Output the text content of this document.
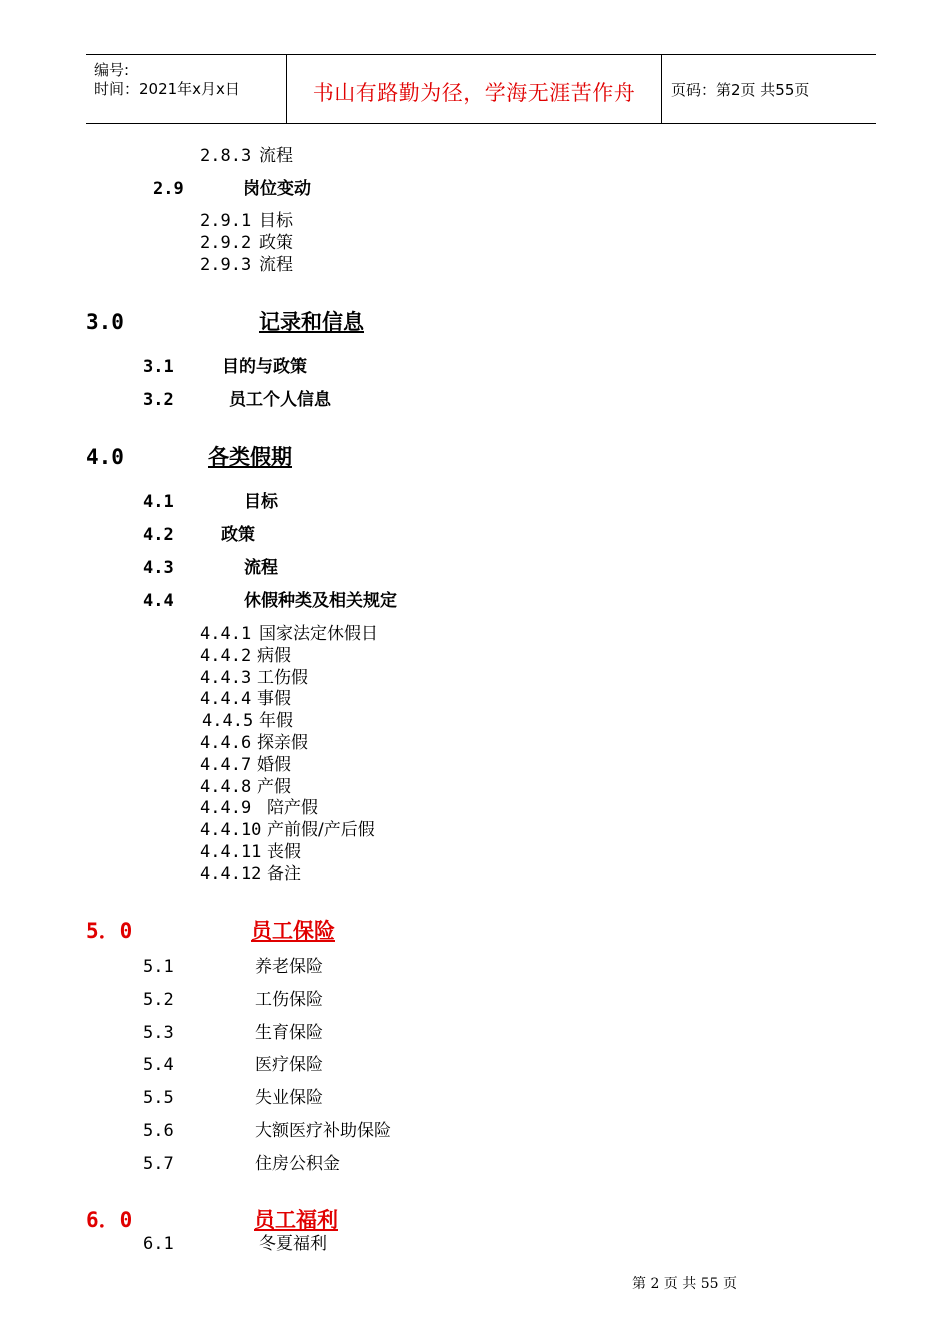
编号:
时间：2021年x月x日	书山有路勤为径，学海无涯苦作舟	页码：第2页 共55页
2.8.3 流程
2.9	岗位变动
2.9.1 目标
2.9.2 政策
2.9.3 流程
3.0	记录和信息
3.1	目的与政策
3.2	员工个人信息
4.0	各类假期
4.1	目标
4.2	政策
4.3	流程
4.4	休假种类及相关规定
4.4.1 国家法定休假日
4.4.2 病假
4.4.3 工伤假
4.4.4 事假
4.4.5 年假
4.4.6 探亲假
4.4.7 婚假
4.4.8 产假
4.4.9 陪产假
4.4.10 产前假/产后假
4.4.11 丧假
4.4.12 备注
5．0	员工保险
5.1	养老保险
5.2	工伤保险
5.3	生育保险
5.4	医疗保险
5.5	失业保险
5.6	大额医疗补助保险
5.7	住房公积金
6．0	员工福利
6.1	冬夏福利
第 2 页 共 55 页
